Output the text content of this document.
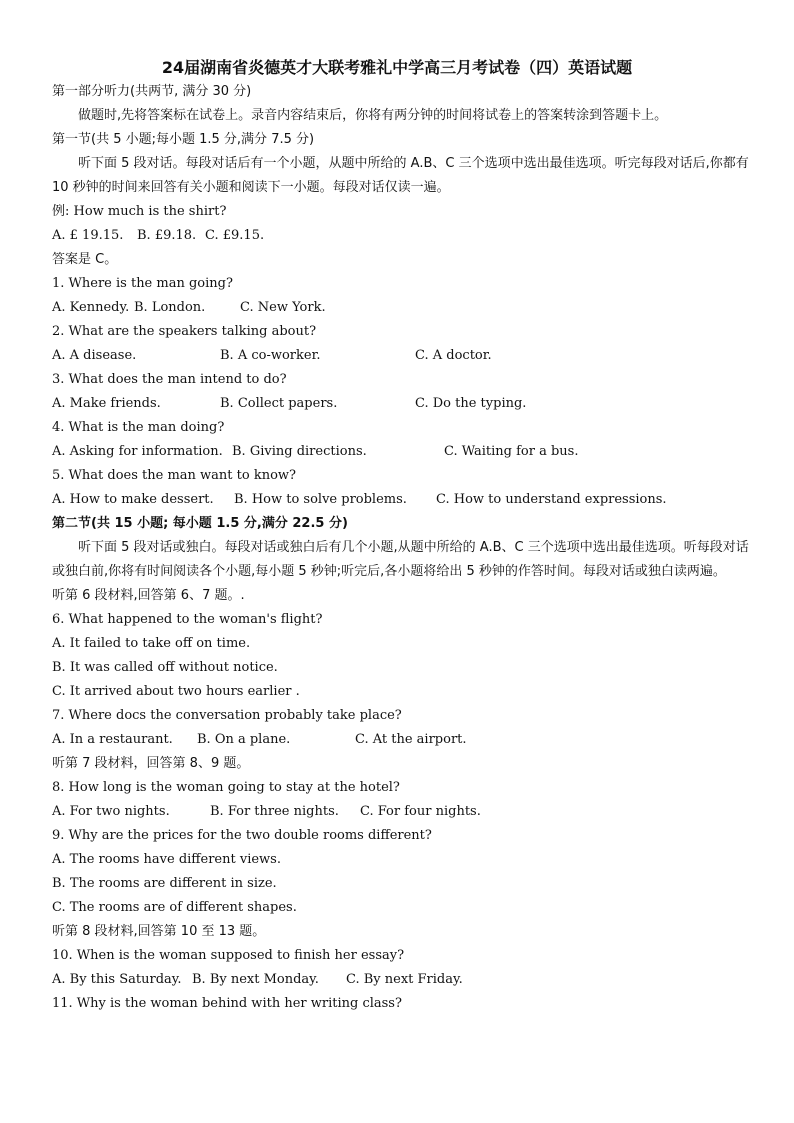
24届湖南省炎德英才大联考雅礼中学高三月考试卷（四）英语试题
第一部分听力(共两节, 满分 30 分)
做题时,先将答案标在试卷上。录音内容结束后，你将有两分钟的时间将试卷上的答案转涂到答题卡上。
第一节(共 5 小题;每小题 1.5 分,满分 7.5 分)
听下面 5 段对话。每段对话后有一个小题，从题中所给的 A.B、C 三个选项中选出最佳选项。听完每段对话后,你都有 10 秒钟的时间来回答有关小题和阅读下一小题。每段对话仅读一遍。
例: How much is the shirt?
A. £ 19.15. B. £9.18. C. £9.15.
答案是 C。
1. Where is the man going?
A. Kennedy. B. London.	C. New York.
2. What are the speakers talking about?
A. A disease.	B. A co-worker.	C. A doctor.
3. What does the man intend to do?
A. Make friends.	B. Collect papers.	C. Do the typing.
4. What is the man doing?
A. Asking for information. B. Giving directions.	C. Waiting for a bus.
5. What does the man want to know?
A. How to make dessert. B. How to solve problems. C. How to understand expressions.
第二节(共 15 小题; 每小题 1.5 分,满分 22.5 分)
听下面 5 段对话或独白。每段对话或独白后有几个小题,从题中所给的 A.B、C 三个选项中选出最佳选项。听每段对话或独白前,你将有时间阅读各个小题,每小题 5 秒钟;听完后,各小题将给出 5 秒钟的作答时间。每段对话或独白读两遍。
听第 6 段材料,回答第 6、7 题。.
6. What happened to the woman's flight?
A. It failed to take off on time.
B. It was called off without notice.
C. It arrived about two hours earlier .
7. Where docs the conversation probably take place?
A. In a restaurant. B. On a plane.	C. At the airport.
听第 7 段材料，回答第 8、9 题。
8. How long is the woman going to stay at the hotel?
A. For two nights.	B. For three nights. C. For four nights.
9. Why are the prices for the two double rooms different?
A. The rooms have different views.
B. The rooms are different in size.
C. The rooms are of different shapes.
听第 8 段材料,回答第 10 至 13 题。
10. When is the woman supposed to finish her essay?
A. By this Saturday. B. By next Monday. C. By next Friday.
11. Why is the woman behind with her writing class?
